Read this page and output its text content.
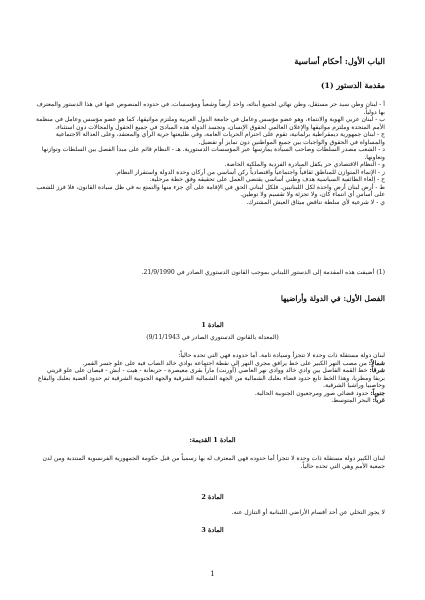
الباب الأول: أحكام أساسية
مقدمة الدستور (1)

أ - لبنان وطن سيد حر مستقل، وطن نهائي لجميع أبنائه، واحد أرضاً وشعباً ومؤسسات، في حدوده المنصوص عنها في هذا الدستور والمعترف بها دولياً.

ب - لبنان عربي الهوية والانتماء، وهو عضو مؤسس وعامل في جامعة الدول العربية وملتزم مواثيقها، كما هو عضو مؤسس وعامل في منظمة الأمم المتحدة وملتزم مواثيقها والإعلان العالمي لحقوق الإنسان، وتجسد الدولة هذه المبادئ في جميع الحقول والمجالات دون استثناء.

ج - لبنان جمهورية ديمقراطية برلمانية، تقوم على احترام الحريات العامة، وفي طليعتها حرية الرأي والمعتقد، وعلى العدالة الاجتماعية والمساواة في الحقوق والواجبات بين جميع المواطنين دون تمايز أو تفضيل.

د - الشعب مصدر السلطات وصاحب السيادة يمارسها عبر المؤسسات الدستورية. هـ - النظام قائم على مبدأ الفصل بين السلطات وتوازنها وتعاونها.

و - النظام الاقتصادي حر يكفل المبادرة الفردية والملكية الخاصة.

ز - الإنماء المتوازن للمناطق ثقافياً واجتماعياً واقتصادياً ركن أساسي من أركان وحدة الدولة واستقرار النظام.

ح - إلغاء الطائفية السياسية هدف وطني أساسي يقتضي العمل على تحقيقه وفق خطة مرحلية.

ط - أرض لبنان أرض واحدة لكل اللبنانيين. فلكل لبناني الحق في الإقامة على أي جزء منها والتمتع به في ظل سيادة القانون، فلا فرز للشعب على أساس أي انتماء كان، ولا تجزئة ولا تقسيم ولا توطين.

ي - لا شرعية لأي سلطة تناقض ميثاق العيش المشترك.

(1) أضيفت هذه المقدمة إلى الدستور اللبناني بموجب القانون الدستوري الصادر في 21/9/1990.
الفصل الأول: في الدولة وأراضيها
المادة 1
(المعدلة بالقانون الدستوري الصادر في 9/11/1943)

لبنان دولة مستقلة ذات وحدة لا تتجزأ وسيادة تامة. أما حدوده فهي التي تحده حالياً:

شمالاً: من مصب النهر الكبير على خط يرافق مجرى النهر إلى نقطة اجتماعه بوادي خالد الصاب فيه على علو جسر القمر.

شرقاً: خط القمة الفاصل بين وادي خالد ووادي نهر العاصي (أورنت) ماراً بقرى معيصرة - حربعانة - هيت - ابش - فيصان على علو قريتي بريفا ومطربا، وهذا الخط تابع حدود قضاء بعلبك الشمالية من الجهة الشمالية الشرقية والجهة الجنوبية الشرقية ثم حدود أقضية بعلبك والبقاع وحاصبيا وراشيا الشرقية.

جنوباً: حدود قضائي صور ومرجعيون الجنوبية الحالية.

غرباً: البحر المتوسط.

المادة 1 القديمة:
لبنان الكبير دولة مستقلة ذات وحدة لا تتجزأ أما حدوده فهي المعترف له بها رسمياً من قبل حكومة الجمهورية الفرنسوية المنتدبة ومن لدن جمعية الأمم وهي التي تحده حالياً.
المادة 2
لا يجوز التخلي عن أحد أقسام الأراضي اللبنانية أو التنازل عنه.
المادة 3
1
